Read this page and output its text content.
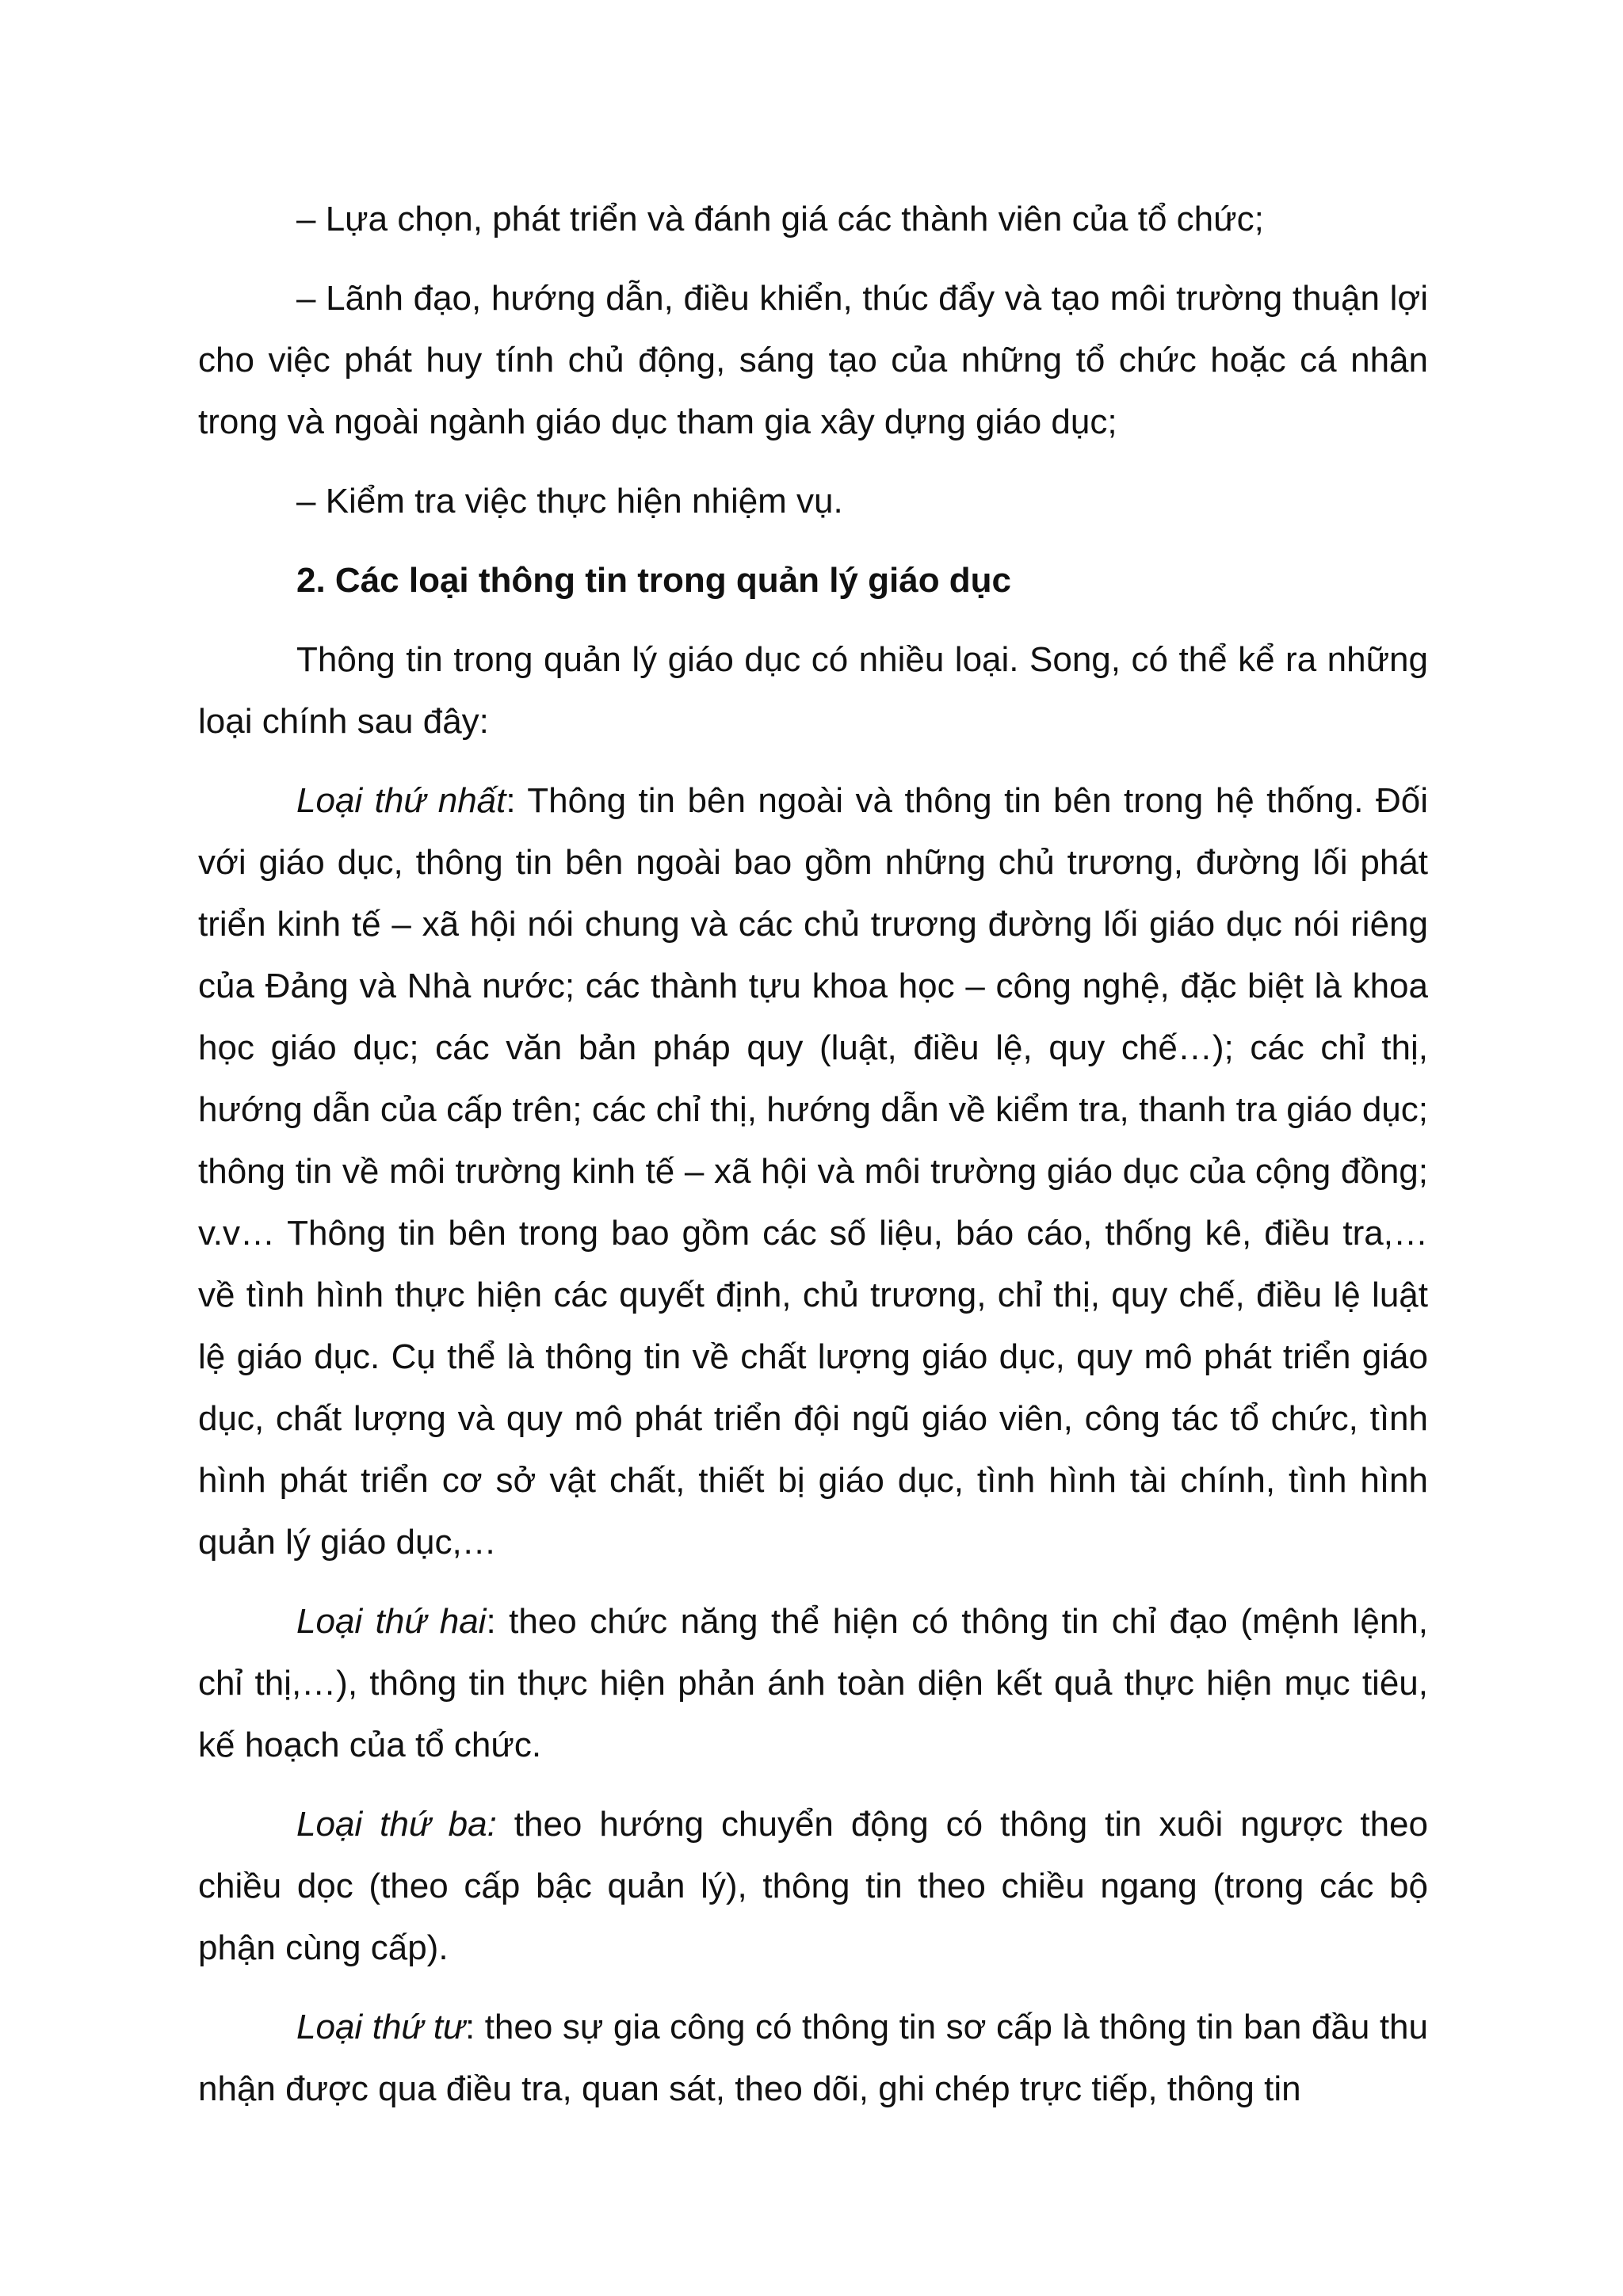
– Lựa chọn, phát triển và đánh giá các thành viên của tổ chức;

– Lãnh đạo, hướng dẫn, điều khiển, thúc đẩy và tạo môi trường thuận lợi cho việc phát huy tính chủ động, sáng tạo của những tổ chức hoặc cá nhân trong và ngoài ngành giáo dục tham gia xây dựng giáo dục;

– Kiểm tra việc thực hiện nhiệm vụ.

2. Các loại thông tin trong quản lý giáo dục

Thông tin trong quản lý giáo dục có nhiều loại. Song, có thể kể ra những loại chính sau đây:

Loại thứ nhất: Thông tin bên ngoài và thông tin bên trong hệ thống. Đối với giáo dục, thông tin bên ngoài bao gồm những chủ trương, đường lối phát triển kinh tế – xã hội nói chung và các chủ trương đường lối giáo dục nói riêng của Đảng và Nhà nước; các thành tựu khoa học – công nghệ, đặc biệt là khoa học giáo dục; các văn bản pháp quy (luật, điều lệ, quy chế…); các chỉ thị, hướng dẫn của cấp trên; các chỉ thị, hướng dẫn về kiểm tra, thanh tra giáo dục; thông tin về môi trường kinh tế – xã hội và môi trường giáo dục của cộng đồng; v.v… Thông tin bên trong bao gồm các số liệu, báo cáo, thống kê, điều tra,… về tình hình thực hiện các quyết định, chủ trương, chỉ thị, quy chế, điều lệ luật lệ giáo dục. Cụ thể là thông tin về chất lượng giáo dục, quy mô phát triển giáo dục, chất lượng và quy mô phát triển đội ngũ giáo viên, công tác tổ chức, tình hình phát triển cơ sở vật chất, thiết bị giáo dục, tình hình tài chính, tình hình quản lý giáo dục,…

Loại thứ hai: theo chức năng thể hiện có thông tin chỉ đạo (mệnh lệnh, chỉ thị,…), thông tin thực hiện phản ánh toàn diện kết quả thực hiện mục tiêu, kế hoạch của tổ chức.

Loại thứ ba: theo hướng chuyển động có thông tin xuôi ngược theo chiều dọc (theo cấp bậc quản lý), thông tin theo chiều ngang (trong các bộ phận cùng cấp).

Loại thứ tư: theo sự gia công có thông tin sơ cấp là thông tin ban đầu thu nhận được qua điều tra, quan sát, theo dõi, ghi chép trực tiếp, thông tin
